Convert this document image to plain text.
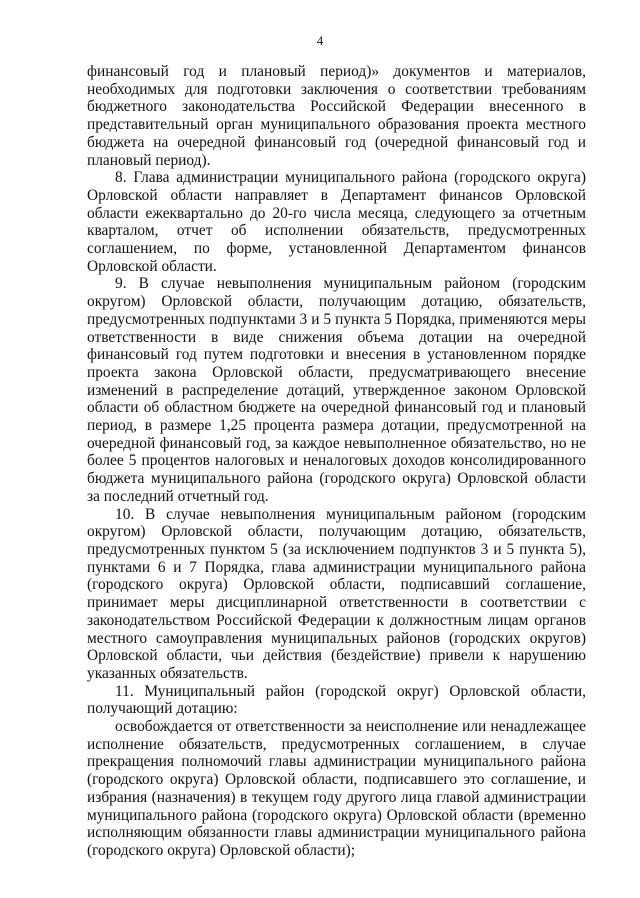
4

финансовый год и плановый период)» документов и материалов, необходимых для подготовки заключения о соответствии требованиям бюджетного законодательства Российской Федерации внесенного в представительный орган муниципального образования проекта местного бюджета на очередной финансовый год (очередной финансовый год и плановый период).

8. Глава администрации муниципального района (городского округа) Орловской области направляет в Департамент финансов Орловской области ежеквартально до 20-го числа месяца, следующего за отчетным кварталом, отчет об исполнении обязательств, предусмотренных соглашением, по форме, установленной Департаментом финансов Орловской области.

9. В случае невыполнения муниципальным районом (городским округом) Орловской области, получающим дотацию, обязательств, предусмотренных подпунктами 3 и 5 пункта 5 Порядка, применяются меры ответственности в виде снижения объема дотации на очередной финансовый год путем подготовки и внесения в установленном порядке проекта закона Орловской области, предусматривающего внесение изменений в распределение дотаций, утвержденное законом Орловской области об областном бюджете на очередной финансовый год и плановый период, в размере 1,25 процента размера дотации, предусмотренной на очередной финансовый год, за каждое невыполненное обязательство, но не более 5 процентов налоговых и неналоговых доходов консолидированного бюджета муниципального района (городского округа) Орловской области за последний отчетный год.

10. В случае невыполнения муниципальным районом (городским округом) Орловской области, получающим дотацию, обязательств, предусмотренных пунктом 5 (за исключением подпунктов 3 и 5 пункта 5), пунктами 6 и 7 Порядка, глава администрации муниципального района (городского округа) Орловской области, подписавший соглашение, принимает меры дисциплинарной ответственности в соответствии с законодательством Российской Федерации к должностным лицам органов местного самоуправления муниципальных районов (городских округов) Орловской области, чьи действия (бездействие) привели к нарушению указанных обязательств.

11. Муниципальный район (городской округ) Орловской области, получающий дотацию:

освобождается от ответственности за неисполнение или ненадлежащее исполнение обязательств, предусмотренных соглашением, в случае прекращения полномочий главы администрации муниципального района (городского округа) Орловской области, подписавшего это соглашение, и избрания (назначения) в текущем году другого лица главой администрации муниципального района (городского округа) Орловской области (временно исполняющим обязанности главы администрации муниципального района (городского округа) Орловской области);
